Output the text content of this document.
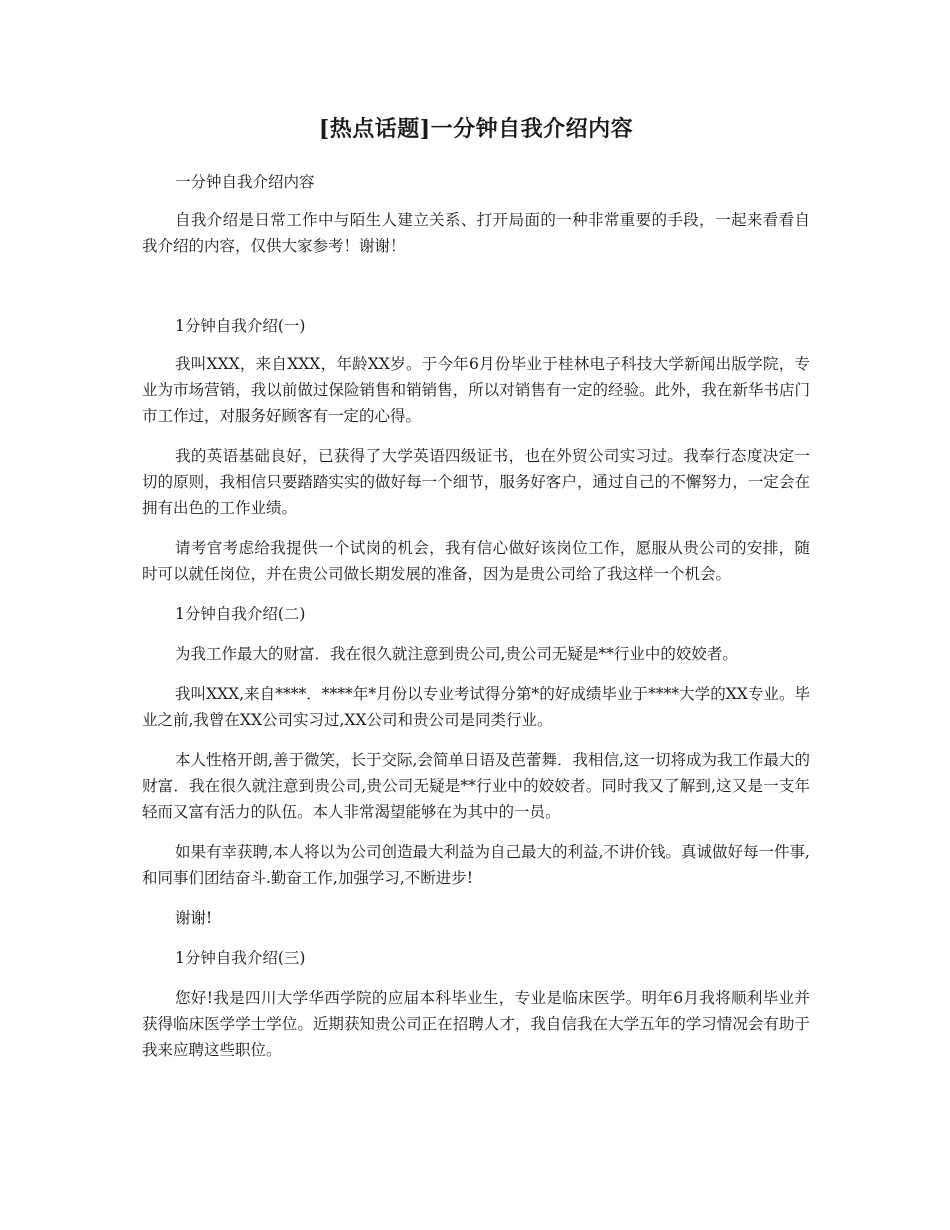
[热点话题]一分钟自我介绍内容

一分钟自我介绍内容

自我介绍是日常工作中与陌生人建立关系、打开局面的一种非常重要的手段，一起来看看自我介绍的内容，仅供大家参考！谢谢！

1分钟自我介绍(一)

我叫XXX，来自XXX，年龄XX岁。于今年6月份毕业于桂林电子科技大学新闻出版学院，专业为市场营销，我以前做过保险销售和销销售，所以对销售有一定的经验。此外，我在新华书店门市工作过，对服务好顾客有一定的心得。

我的英语基础良好，已获得了大学英语四级证书，也在外贸公司实习过。我奉行态度决定一切的原则，我相信只要踏踏实实的做好每一个细节，服务好客户，通过自己的不懈努力，一定会在拥有出色的工作业绩。

请考官考虑给我提供一个试岗的机会，我有信心做好该岗位工作，愿服从贵公司的安排，随时可以就任岗位，并在贵公司做长期发展的准备，因为是贵公司给了我这样一个机会。

1分钟自我介绍(二)

为我工作最大的财富．我在很久就注意到贵公司,贵公司无疑是**行业中的姣姣者。

我叫XXX,来自****．****年*月份以专业考试得分第*的好成绩毕业于****大学的XX专业。毕业之前,我曾在XX公司实习过,XX公司和贵公司是同类行业。

本人性格开朗,善于微笑，长于交际,会简单日语及芭蕾舞．我相信,这一切将成为我工作最大的财富．我在很久就注意到贵公司,贵公司无疑是**行业中的姣姣者。同时我又了解到,这又是一支年轻而又富有活力的队伍。本人非常渴望能够在为其中的一员。

如果有幸获聘,本人将以为公司创造最大利益为自己最大的利益,不讲价钱。真诚做好每一件事,和同事们团结奋斗.勤奋工作,加强学习,不断进步!

谢谢!

1分钟自我介绍(三)

您好!我是四川大学华西学院的应届本科毕业生，专业是临床医学。明年6月我将顺利毕业并获得临床医学学士学位。近期获知贵公司正在招聘人才，我自信我在大学五年的学习情况会有助于我来应聘这些职位。
